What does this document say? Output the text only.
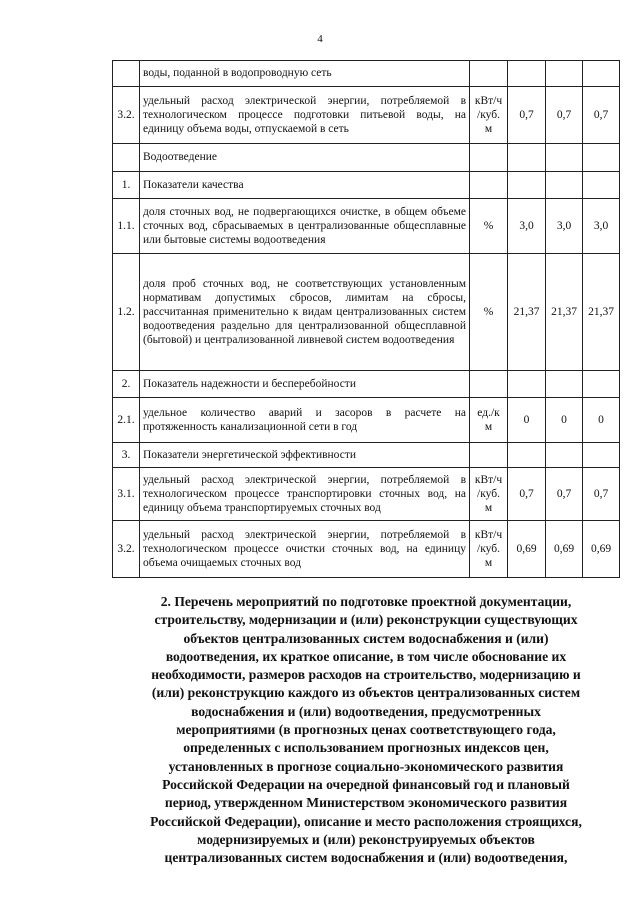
4
	воды, поданной в водопроводную сеть				
3.2.	удельный расход электрической энергии, потребляемой в технологическом процессе подготовки питьевой воды, на единицу объема воды, отпускаемой в сеть	кВт/ч /куб. м	0,7	0,7	0,7
	Водоотведение				
1.	Показатели качества				
1.1.	доля сточных вод, не подвергающихся очистке, в общем объеме сточных вод, сбрасываемых в централизованные общесплавные или бытовые системы водоотведения	%	3,0	3,0	3,0
1.2.	доля проб сточных вод, не соответствующих установленным нормативам допустимых сбросов, лимитам на сбросы, рассчитанная применительно к видам централизованных систем водоотведения раздельно для централизованной общесплавной (бытовой) и централизованной ливневой систем водоотведения	%	21,37	21,37	21,37
2.	Показатель надежности и бесперебойности				
2.1.	удельное количество аварий и засоров в расчете на протяженность канализационной сети в год	ед./к м	0	0	0
3.	Показатели энергетической эффективности				
3.1.	удельный расход электрической энергии, потребляемой в технологическом процессе транспортировки сточных вод, на единицу объема транспортируемых сточных вод	кВт/ч /куб. м	0,7	0,7	0,7
3.2.	удельный расход электрической энергии, потребляемой в технологическом процессе очистки сточных вод, на единицу объема очищаемых сточных вод	кВт/ч /куб. м	0,69	0,69	0,69
2. Перечень мероприятий по подготовке проектной документации,
строительству, модернизации и (или) реконструкции существующих
объектов централизованных систем водоснабжения и (или)
водоотведения, их краткое описание, в том числе обоснование их
необходимости, размеров расходов на строительство, модернизацию и
(или) реконструкцию каждого из объектов централизованных систем
водоснабжения и (или) водоотведения, предусмотренных
мероприятиями (в прогнозных ценах соответствующего года,
определенных с использованием прогнозных индексов цен,
установленных в прогнозе социально-экономического развития
Российской Федерации на очередной финансовый год и плановый
период, утвержденном Министерством экономического развития
Российской Федерации), описание и место расположения строящихся,
модернизируемых и (или) реконструируемых объектов
централизованных систем водоснабжения и (или) водоотведения,
